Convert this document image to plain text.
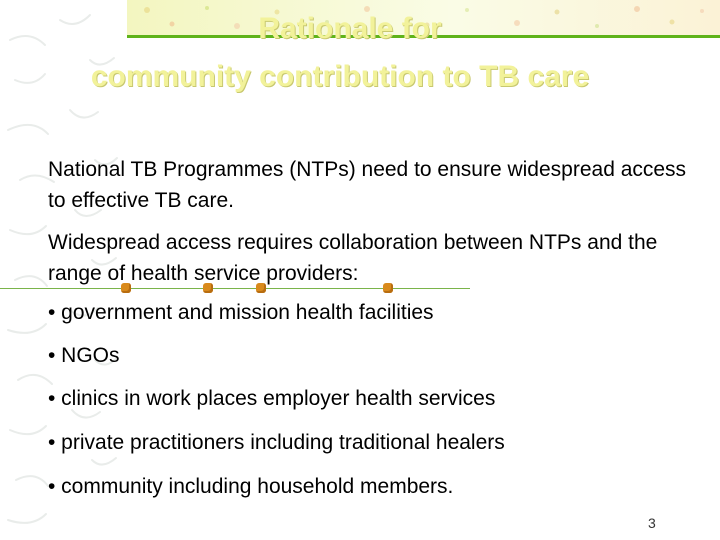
Rationale for
community contribution to TB care

National TB Programmes (NTPs) need to ensure widespread access to effective TB care.

Widespread access requires collaboration between NTPs and the range of health service providers:

• government and mission health facilities

• NGOs

• clinics in work places employer health services

• private practitioners including traditional healers

• community including household members.

3
